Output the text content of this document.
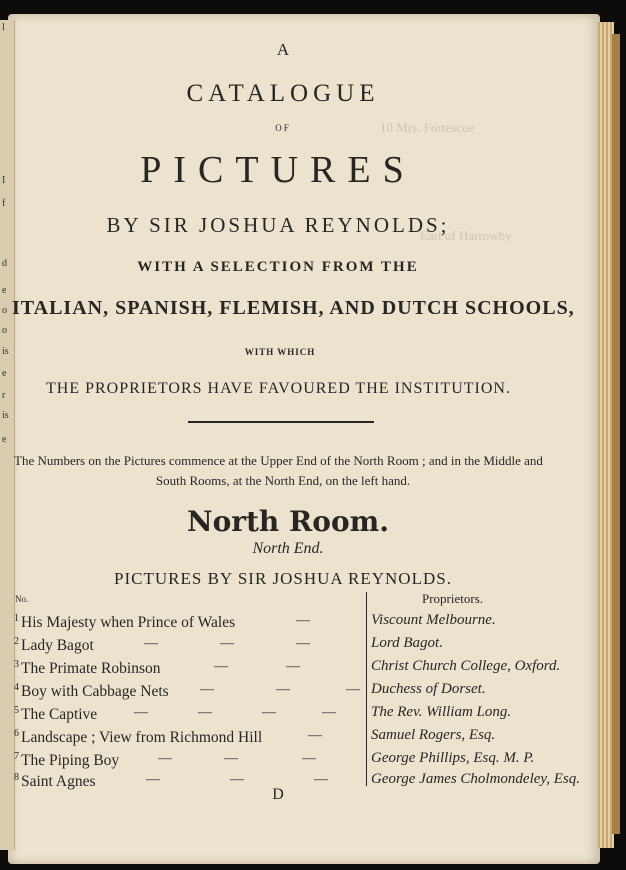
10 Mrs. Fortescue
Earl of Harrowby
l
I
f
d
e
o
o
is
e
r
is
e
A
CATALOGUE
OF
PICTURES
BY SIR JOSHUA REYNOLDS;
WITH A SELECTION FROM THE
ITALIAN, SPANISH, FLEMISH, AND DUTCH SCHOOLS,
WITH WHICH
THE PROPRIETORS HAVE FAVOURED THE INSTITUTION.
The Numbers on the Pictures commence at the Upper End of the North Room ; and in the Middle and
South Rooms, at the North End, on the left hand.
North Room.
North End.
PICTURES BY SIR JOSHUA REYNOLDS.
No.	Proprietors.
$^1$ His Majesty when Prince of Wales	—	Viscount Melbourne.
$^2$ Lady Bagot	—	—	—	Lord Bagot.
$^3$ The Primate Robinson	—	—	Christ Church College, Oxford.
$^4$ Boy with Cabbage Nets —	—	— Duchess of Dorset.
$^5$ The Captive	—	—	—	— The Rev. William Long.
$^6$ Landscape ; View from Richmond Hill	—	Samuel Rogers, Esq.
$^7$ The Piping Boy	—	—	—	George Phillips, Esq. M. P.
$^8$ Saint Agnes	—	—	—	George James Cholmondeley, Esq.
D
